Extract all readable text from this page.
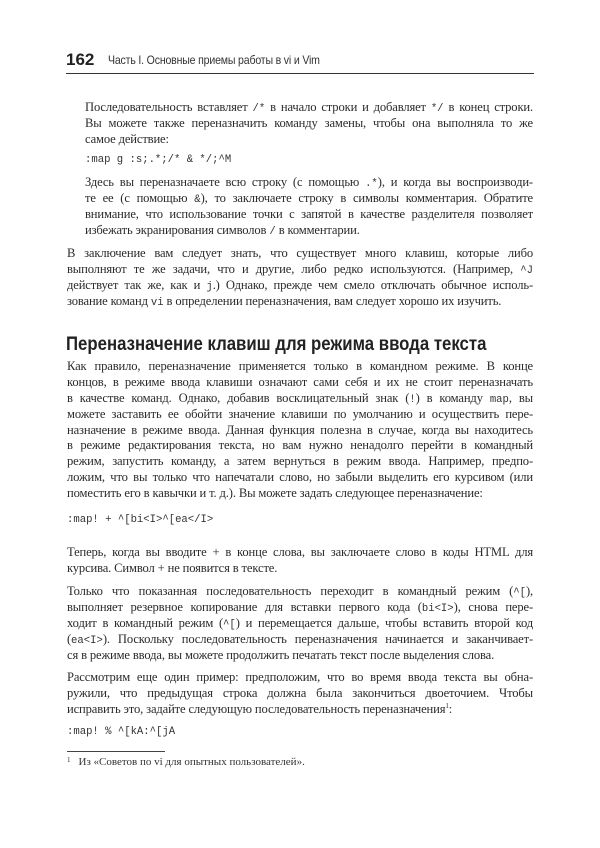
162 Часть I. Основные приемы работы в vi и Vim
Последовательность вставляет /* в начало строки и добавляет */ в конец строки.
Вы можете также переназначить команду замены, чтобы она выполняла то же
самое действие:
:map g :s;.*;/* & */;^M
Здесь вы переназначаете всю строку (с помощью .*), и когда вы воспроизводи-
те ее (с помощью &), то заключаете строку в символы комментария. Обратите
внимание, что использование точки с запятой в качестве разделителя позволяет
избежать экранирования символов / в комментарии.
В заключение вам следует знать, что существует много клавиш, которые либо
выполняют те же задачи, что и другие, либо редко используются. (Например, ^J
действует так же, как и j.) Однако, прежде чем смело отключать обычное исполь-
зование команд vi в определении переназначения, вам следует хорошо их изучить.
Переназначение клавиш для режима ввода текста
Как правило, переназначение применяется только в командном режиме. В конце
концов, в режиме ввода клавиши означают сами себя и их не стоит переназначать
в качестве команд. Однако, добавив восклицательный знак (!) в команду map, вы
можете заставить ее обойти значение клавиши по умолчанию и осуществить пере-
назначение в режиме ввода. Данная функция полезна в случае, когда вы находитесь
в режиме редактирования текста, но вам нужно ненадолго перейти в командный
режим, запустить команду, а затем вернуться в режим ввода. Например, предпо-
ложим, что вы только что напечатали слово, но забыли выделить его курсивом (или
поместить его в кавычки и т. д.). Вы можете задать следующее переназначение:
:map! + ^[bi<I>^[ea</I>
Теперь, когда вы вводите + в конце слова, вы заключаете слово в коды HTML для
курсива. Символ + не появится в тексте.
Только что показанная последовательность переходит в командный режим (^[),
выполняет резервное копирование для вставки первого кода (bi<I>), снова пере-
ходит в командный режим (^[) и перемещается дальше, чтобы вставить второй код
(ea<I>). Поскольку последовательность переназначения начинается и заканчивает-
ся в режиме ввода, вы можете продолжить печатать текст после выделения слова.
Рассмотрим еще один пример: предположим, что во время ввода текста вы обна-
ружили, что предыдущая строка должна была закончиться двоеточием. Чтобы
исправить это, задайте следующую последовательность переназначения$^1$:
:map! % ^[kA:^[jA
$^1$ Из «Советов по vi для опытных пользователей».
